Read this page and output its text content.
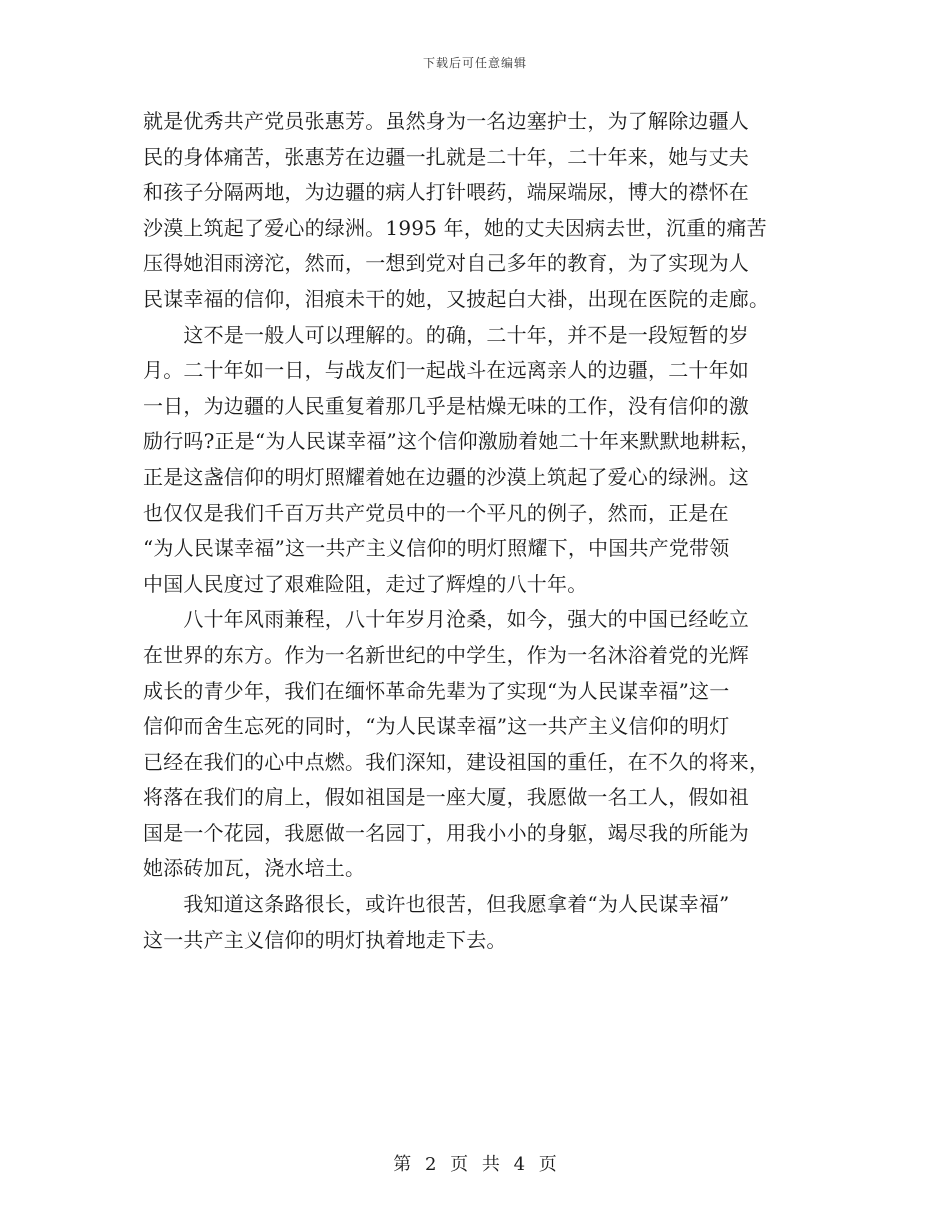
下载后可任意编辑
就是优秀共产党员张惠芳。虽然身为一名边塞护士，为了解除边疆人
民的身体痛苦，张惠芳在边疆一扎就是二十年，二十年来，她与丈夫
和孩子分隔两地，为边疆的病人打针喂药，端屎端尿，博大的襟怀在
沙漠上筑起了爱心的绿洲。1995 年，她的丈夫因病去世，沉重的痛苦
压得她泪雨滂沱，然而，一想到党对自己多年的教育，为了实现为人
民谋幸福的信仰，泪痕未干的她，又披起白大褂，出现在医院的走廊。
　　这不是一般人可以理解的。的确，二十年，并不是一段短暂的岁
月。二十年如一日，与战友们一起战斗在远离亲人的边疆，二十年如
一日，为边疆的人民重复着那几乎是枯燥无味的工作，没有信仰的激
励行吗?正是“为人民谋幸福”这个信仰激励着她二十年来默默地耕耘，
正是这盏信仰的明灯照耀着她在边疆的沙漠上筑起了爱心的绿洲。这
也仅仅是我们千百万共产党员中的一个平凡的例子，然而，正是在
“为人民谋幸福”这一共产主义信仰的明灯照耀下，中国共产党带领
中国人民度过了艰难险阻，走过了辉煌的八十年。
　　八十年风雨兼程，八十年岁月沧桑，如今，强大的中国已经屹立
在世界的东方。作为一名新世纪的中学生，作为一名沐浴着党的光辉
成长的青少年，我们在缅怀革命先辈为了实现“为人民谋幸福”这一
信仰而舍生忘死的同时，“为人民谋幸福”这一共产主义信仰的明灯
已经在我们的心中点燃。我们深知，建设祖国的重任，在不久的将来，
将落在我们的肩上，假如祖国是一座大厦，我愿做一名工人，假如祖
国是一个花园，我愿做一名园丁，用我小小的身躯，竭尽我的所能为
她添砖加瓦，浇水培土。
　　我知道这条路很长，或许也很苦，但我愿拿着“为人民谋幸福”
这一共产主义信仰的明灯执着地走下去。
第 2 页 共 4 页
